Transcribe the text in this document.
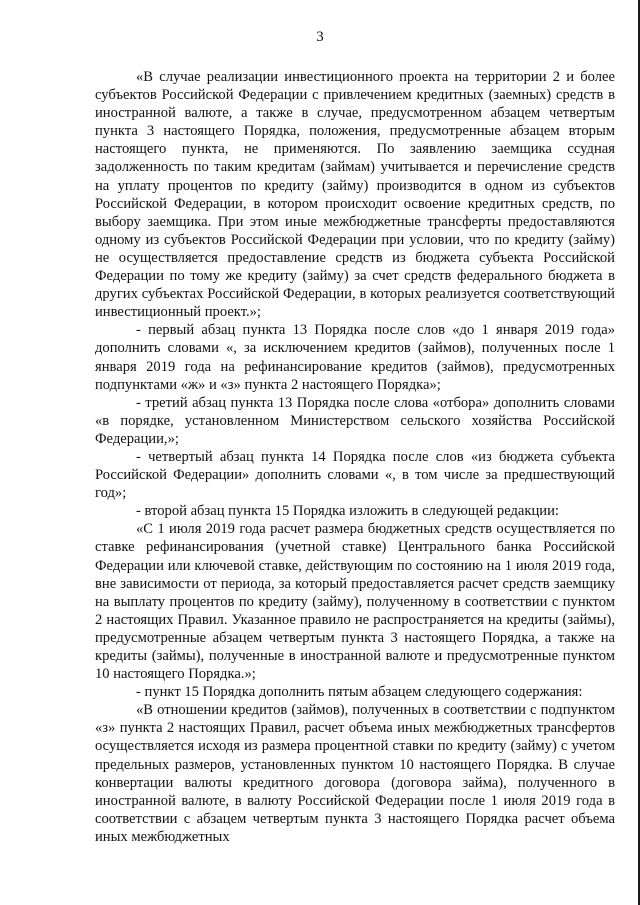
3

«В случае реализации инвестиционного проекта на территории 2 и более субъектов Российской Федерации с привлечением кредитных (заемных) средств в иностранной валюте, а также в случае, предусмотренном абзацем четвертым пункта 3 настоящего Порядка, положения, предусмотренные абзацем вторым настоящего пункта, не применяются. По заявлению заемщика ссудная задолженность по таким кредитам (займам) учитывается и перечисление средств на уплату процентов по кредиту (займу) производится в одном из субъектов Российской Федерации, в котором происходит освоение кредитных средств, по выбору заемщика. При этом иные межбюджетные трансферты предоставляются одному из субъектов Российской Федерации при условии, что по кредиту (займу) не осуществляется предоставление средств из бюджета субъекта Российской Федерации по тому же кредиту (займу) за счет средств федерального бюджета в других субъектах Российской Федерации, в которых реализуется соответствующий инвестиционный проект.»;

- первый абзац пункта 13 Порядка после слов «до 1 января 2019 года» дополнить словами «, за исключением кредитов (займов), полученных после 1 января 2019 года на рефинансирование кредитов (займов), предусмотренных подпунктами «ж» и «з» пункта 2 настоящего Порядка»;

- третий абзац пункта 13 Порядка после слова «отбора» дополнить словами «в порядке, установленном Министерством сельского хозяйства Российской Федерации,»;

- четвертый абзац пункта 14 Порядка после слов «из бюджета субъекта Российской Федерации» дополнить словами «, в том числе за предшествующий год»;

- второй абзац пункта 15 Порядка изложить в следующей редакции:

«С 1 июля 2019 года расчет размера бюджетных средств осуществляется по ставке рефинансирования (учетной ставке) Центрального банка Российской Федерации или ключевой ставке, действующим по состоянию на 1 июля 2019 года, вне зависимости от периода, за который предоставляется расчет средств заемщику на выплату процентов по кредиту (займу), полученному в соответствии с пунктом 2 настоящих Правил. Указанное правило не распространяется на кредиты (займы), предусмотренные абзацем четвертым пункта 3 настоящего Порядка, а также на кредиты (займы), полученные в иностранной валюте и предусмотренные пунктом 10 настоящего Порядка.»;

- пункт 15 Порядка дополнить пятым абзацем следующего содержания:

«В отношении кредитов (займов), полученных в соответствии с подпунктом «з» пункта 2 настоящих Правил, расчет объема иных межбюджетных трансфертов осуществляется исходя из размера процентной ставки по кредиту (займу) с учетом предельных размеров, установленных пунктом 10 настоящего Порядка. В случае конвертации валюты кредитного договора (договора займа), полученного в иностранной валюте, в валюту Российской Федерации после 1 июля 2019 года в соответствии с абзацем четвертым пункта 3 настоящего Порядка расчет объема иных межбюджетных
